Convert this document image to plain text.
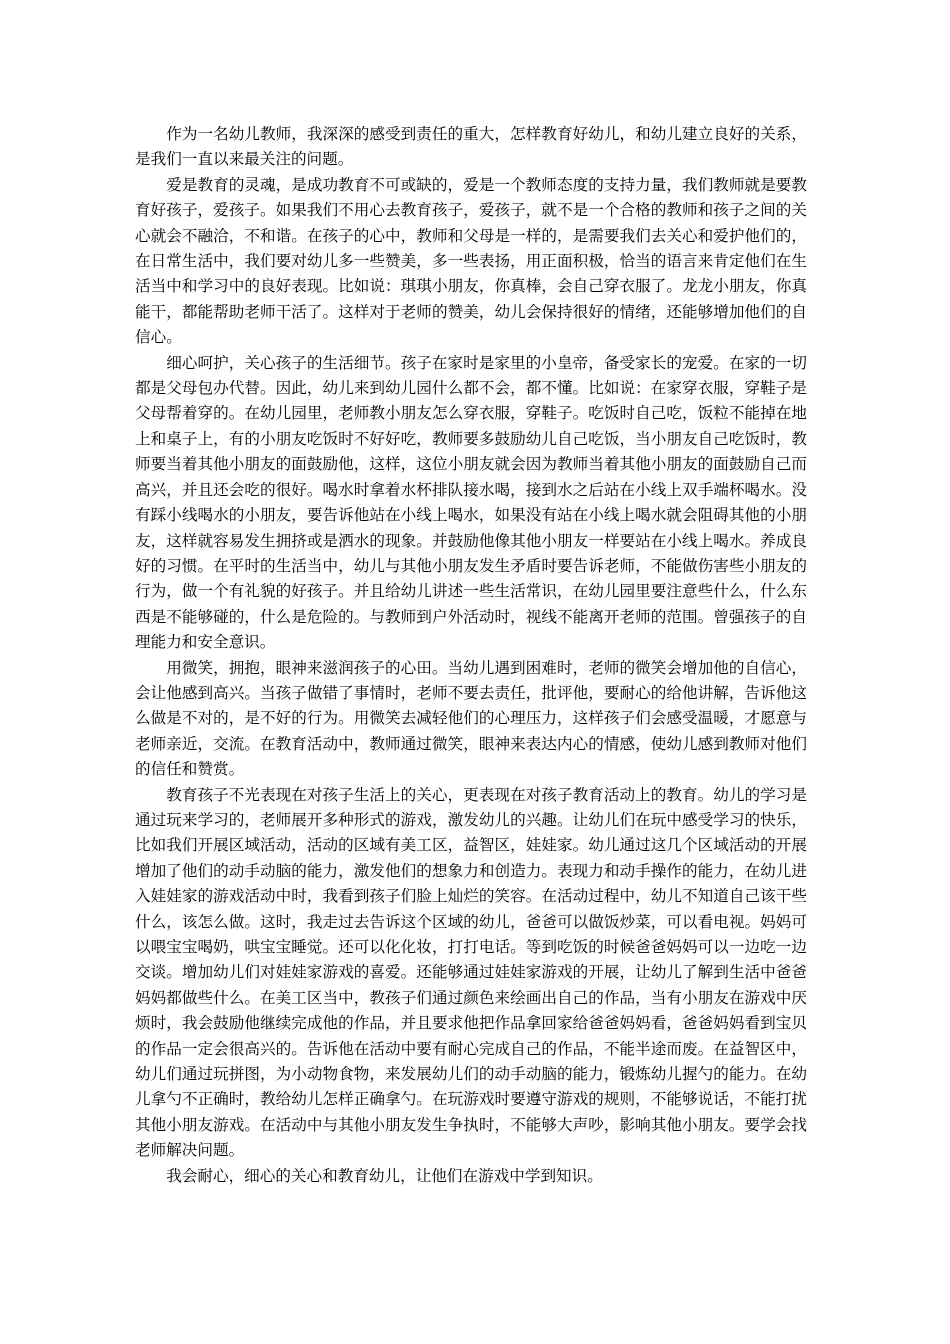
作为一名幼儿教师，我深深的感受到责任的重大，怎样教育好幼儿，和幼儿建立良好的关系，是我们一直以来最关注的问题。

爱是教育的灵魂，是成功教育不可或缺的，爱是一个教师态度的支持力量，我们教师就是要教育好孩子，爱孩子。如果我们不用心去教育孩子，爱孩子，就不是一个合格的教师和孩子之间的关心就会不融洽，不和谐。在孩子的心中，教师和父母是一样的，是需要我们去关心和爱护他们的，在日常生活中，我们要对幼儿多一些赞美，多一些表扬，用正面积极，恰当的语言来肯定他们在生活当中和学习中的良好表现。比如说：琪琪小朋友，你真棒，会自己穿衣服了。龙龙小朋友，你真能干，都能帮助老师干活了。这样对于老师的赞美，幼儿会保持很好的情绪，还能够增加他们的自信心。

细心呵护，关心孩子的生活细节。孩子在家时是家里的小皇帝，备受家长的宠爱。在家的一切都是父母包办代替。因此，幼儿来到幼儿园什么都不会，都不懂。比如说：在家穿衣服，穿鞋子是父母帮着穿的。在幼儿园里，老师教小朋友怎么穿衣服，穿鞋子。吃饭时自己吃，饭粒不能掉在地上和桌子上，有的小朋友吃饭时不好好吃，教师要多鼓励幼儿自己吃饭，当小朋友自己吃饭时，教师要当着其他小朋友的面鼓励他，这样，这位小朋友就会因为教师当着其他小朋友的面鼓励自己而高兴，并且还会吃的很好。喝水时拿着水杯排队接水喝，接到水之后站在小线上双手端杯喝水。没有踩小线喝水的小朋友，要告诉他站在小线上喝水，如果没有站在小线上喝水就会阻碍其他的小朋友，这样就容易发生拥挤或是洒水的现象。并鼓励他像其他小朋友一样要站在小线上喝水。养成良好的习惯。在平时的生活当中，幼儿与其他小朋友发生矛盾时要告诉老师，不能做伤害些小朋友的行为，做一个有礼貌的好孩子。并且给幼儿讲述一些生活常识，在幼儿园里要注意些什么，什么东西是不能够碰的，什么是危险的。与教师到户外活动时，视线不能离开老师的范围。曾强孩子的自理能力和安全意识。

用微笑，拥抱，眼神来滋润孩子的心田。当幼儿遇到困难时，老师的微笑会增加他的自信心，会让他感到高兴。当孩子做错了事情时，老师不要去责任，批评他，要耐心的给他讲解，告诉他这么做是不对的，是不好的行为。用微笑去减轻他们的心理压力，这样孩子们会感受温暖，才愿意与老师亲近，交流。在教育活动中，教师通过微笑，眼神来表达内心的情感，使幼儿感到教师对他们的信任和赞赏。

教育孩子不光表现在对孩子生活上的关心，更表现在对孩子教育活动上的教育。幼儿的学习是通过玩来学习的，老师展开多种形式的游戏，激发幼儿的兴趣。让幼儿们在玩中感受学习的快乐，比如我们开展区域活动，活动的区域有美工区，益智区，娃娃家。幼儿通过这几个区域活动的开展增加了他们的动手动脑的能力，激发他们的想象力和创造力。表现力和动手操作的能力，在幼儿进入娃娃家的游戏活动中时，我看到孩子们脸上灿烂的笑容。在活动过程中，幼儿不知道自己该干些什么，该怎么做。这时，我走过去告诉这个区域的幼儿，爸爸可以做饭炒菜，可以看电视。妈妈可以喂宝宝喝奶，哄宝宝睡觉。还可以化化妆，打打电话。等到吃饭的时候爸爸妈妈可以一边吃一边交谈。增加幼儿们对娃娃家游戏的喜爱。还能够通过娃娃家游戏的开展，让幼儿了解到生活中爸爸妈妈都做些什么。在美工区当中，教孩子们通过颜色来绘画出自己的作品，当有小朋友在游戏中厌烦时，我会鼓励他继续完成他的作品，并且要求他把作品拿回家给爸爸妈妈看，爸爸妈妈看到宝贝的作品一定会很高兴的。告诉他在活动中要有耐心完成自己的作品，不能半途而废。在益智区中，幼儿们通过玩拼图，为小动物食物，来发展幼儿们的动手动脑的能力，锻炼幼儿握勺的能力。在幼儿拿勺不正确时，教给幼儿怎样正确拿勺。在玩游戏时要遵守游戏的规则，不能够说话，不能打扰其他小朋友游戏。在活动中与其他小朋友发生争执时，不能够大声吵，影响其他小朋友。要学会找老师解决问题。

我会耐心，细心的关心和教育幼儿，让他们在游戏中学到知识。
